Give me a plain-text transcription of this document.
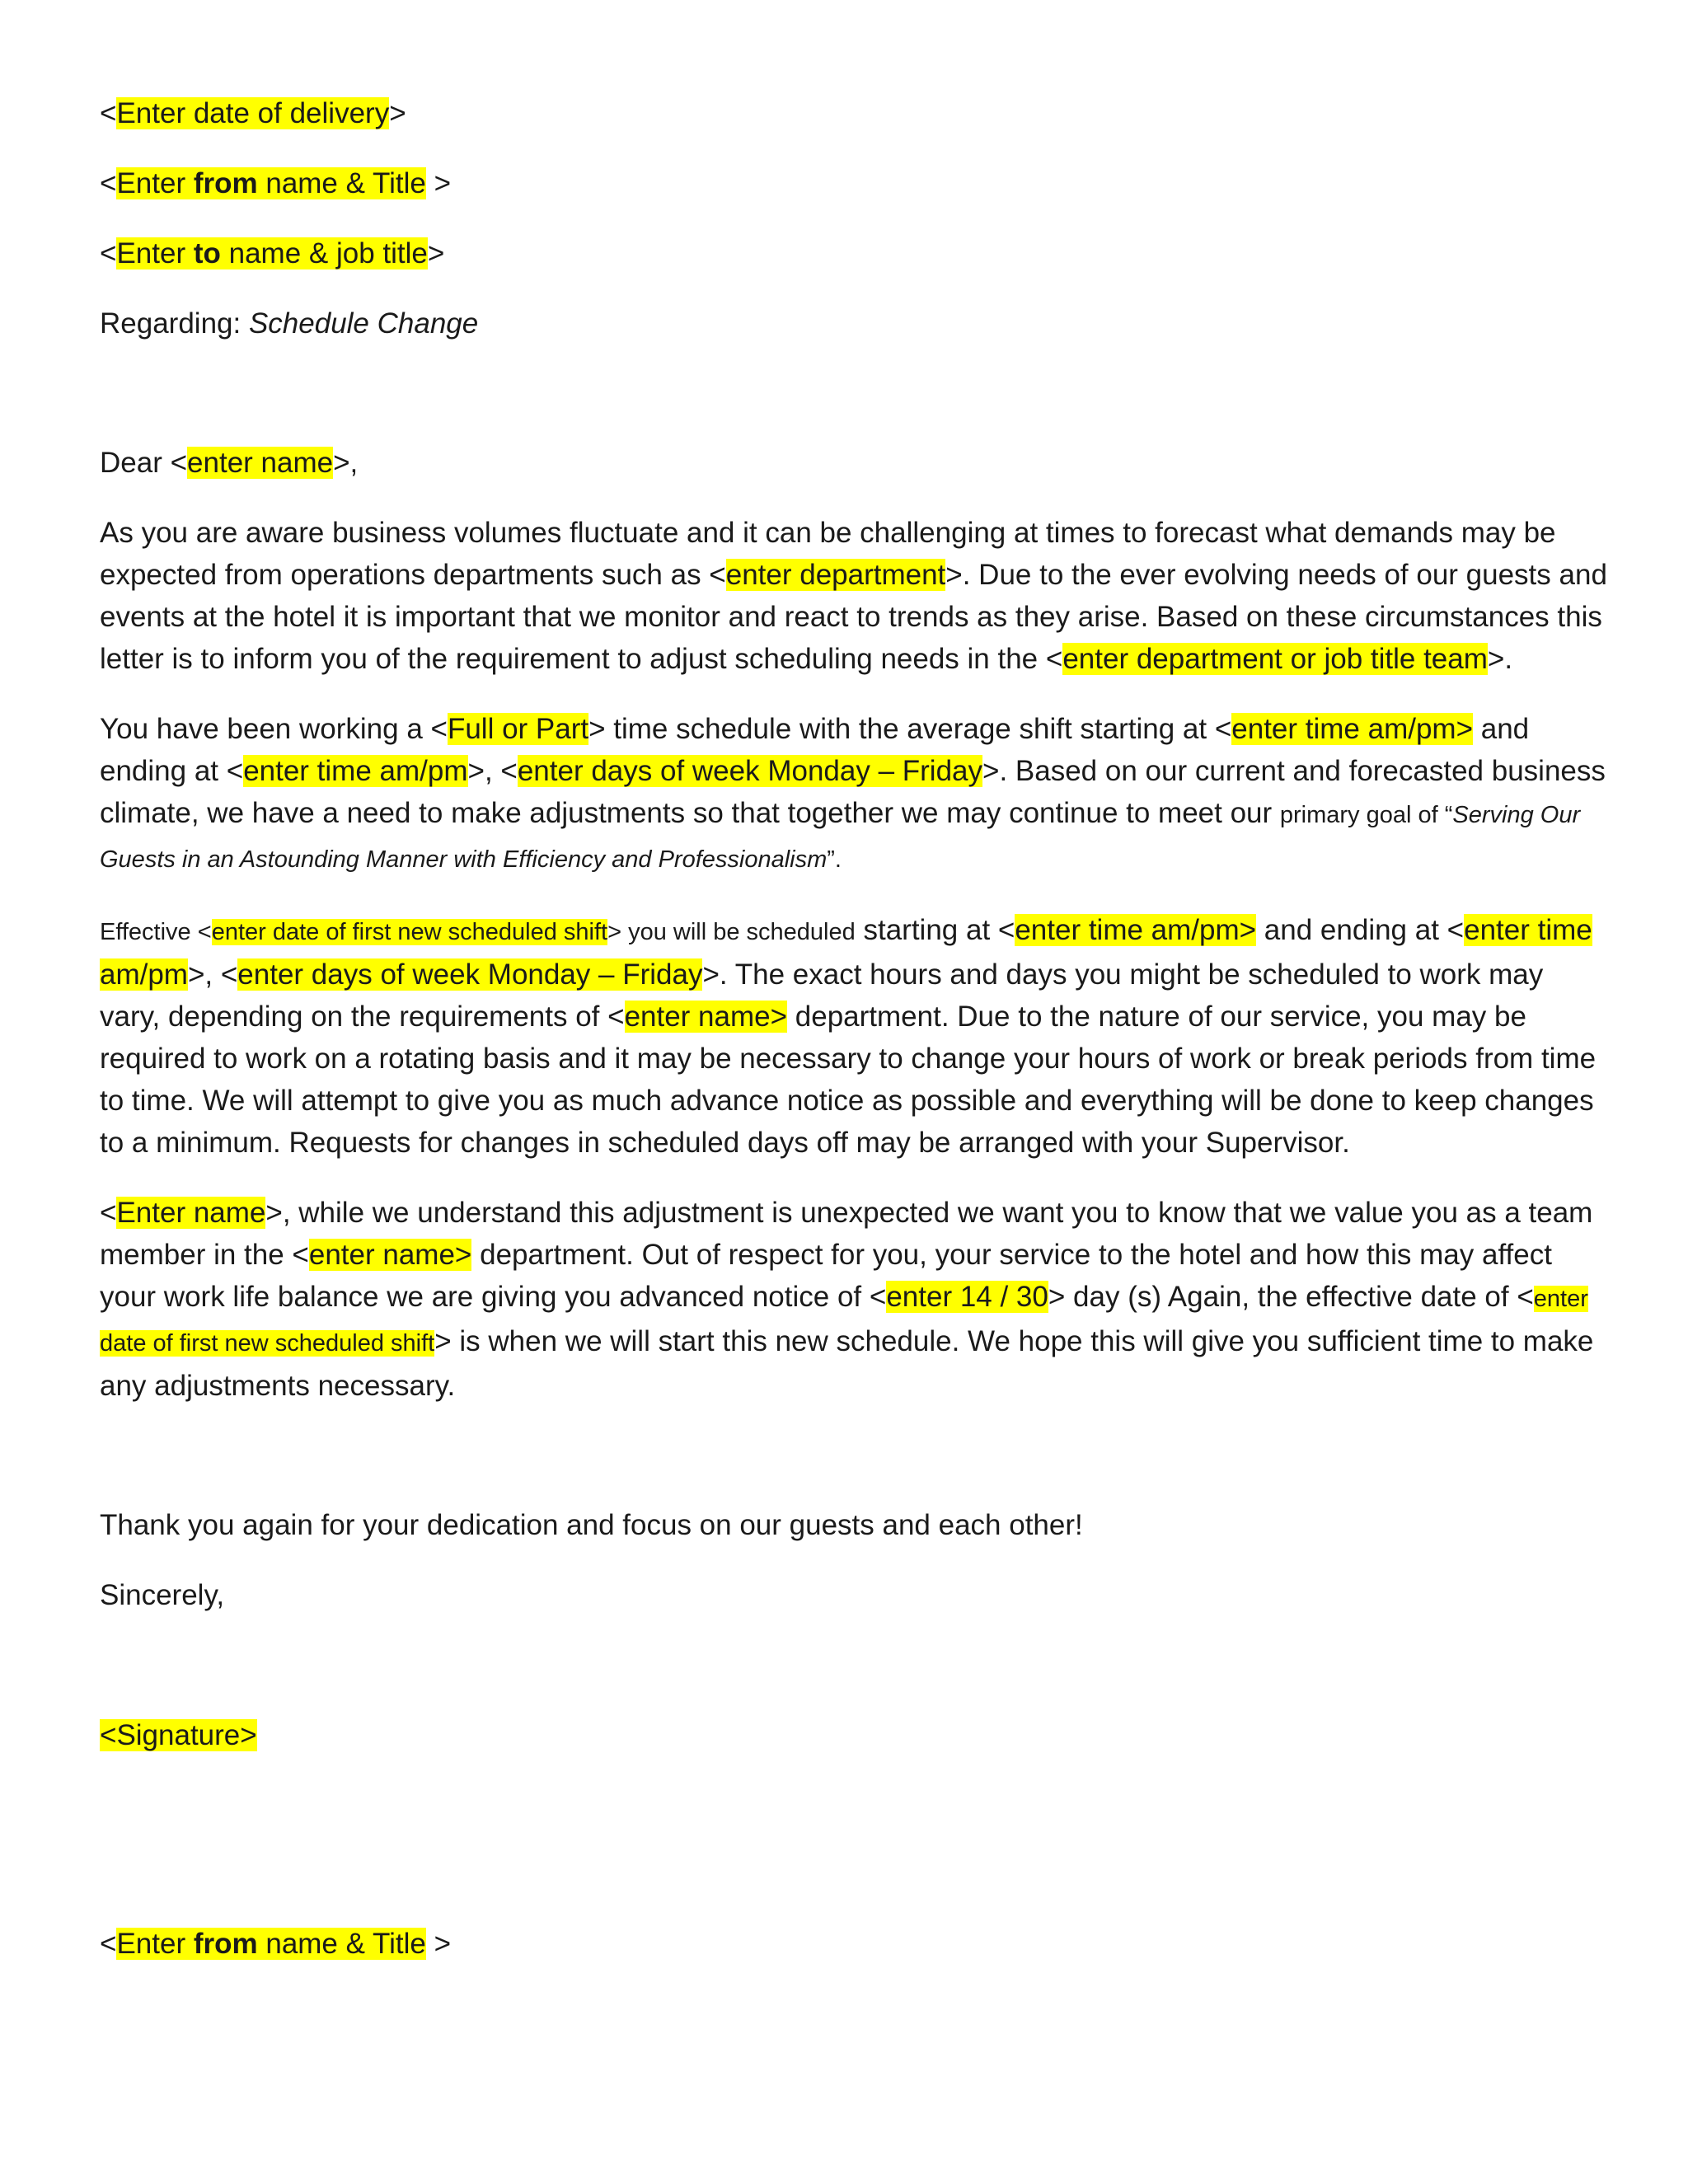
<Enter date of delivery>

<Enter from name & Title >

<Enter to name & job title>

Regarding: Schedule Change

Dear <enter name>,

As you are aware business volumes fluctuate and it can be challenging at times to forecast what demands may be expected from operations departments such as <enter department>. Due to the ever evolving needs of our guests and events at the hotel it is important that we monitor and react to trends as they arise. Based on these circumstances this letter is to inform you of the requirement to adjust scheduling needs in the <enter department or job title team>.

You have been working a <Full or Part> time schedule with the average shift starting at <enter time am/pm> and ending at <enter time am/pm>, <enter days of week Monday – Friday>. Based on our current and forecasted business climate, we have a need to make adjustments so that together we may continue to meet our primary goal of “Serving Our Guests in an Astounding Manner with Efficiency and Professionalism”.

Effective <enter date of first new scheduled shift> you will be scheduled starting at <enter time am/pm> and ending at <enter time am/pm>, <enter days of week Monday – Friday>. The exact hours and days you might be scheduled to work may vary, depending on the requirements of <enter name> department. Due to the nature of our service, you may be required to work on a rotating basis and it may be necessary to change your hours of work or break periods from time to time. We will attempt to give you as much advance notice as possible and everything will be done to keep changes to a minimum. Requests for changes in scheduled days off may be arranged with your Supervisor.

<Enter name>, while we understand this adjustment is unexpected we want you to know that we value you as a team member in the <enter name> department. Out of respect for you, your service to the hotel and how this may affect your work life balance we are giving you advanced notice of <enter 14 / 30> day (s) Again, the effective date of <enter date of first new scheduled shift> is when we will start this new schedule. We hope this will give you sufficient time to make any adjustments necessary.

Thank you again for your dedication and focus on our guests and each other!

Sincerely,

<Signature>

<Enter from name & Title >
